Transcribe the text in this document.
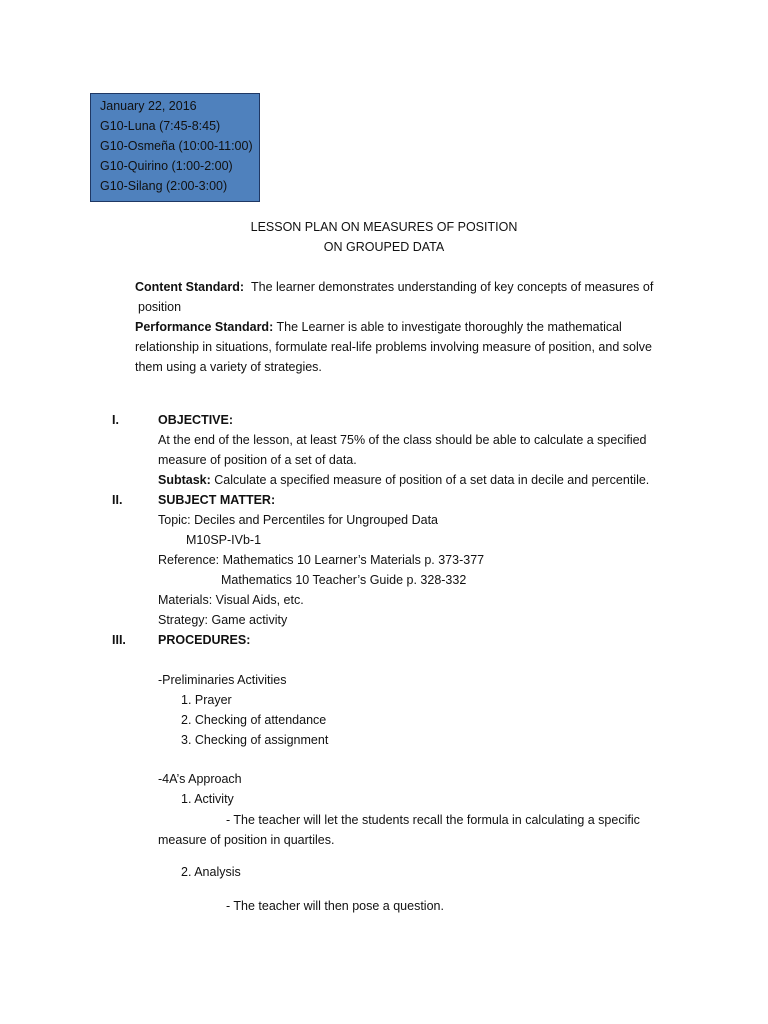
January 22, 2016
G10-Luna (7:45-8:45)
G10-Osmeña (10:00-11:00)
G10-Quirino (1:00-2:00)
G10-Silang (2:00-3:00)
LESSON PLAN ON MEASURES OF POSITION
ON GROUPED DATA
Content Standard: The learner demonstrates understanding of key concepts of measures of
position
Performance Standard: The Learner is able to investigate thoroughly the mathematical
relationship in situations, formulate real-life problems involving measure of position, and solve
them using a variety of strategies.
I.	OBJECTIVE:
At the end of the lesson, at least 75% of the class should be able to calculate a specified
measure of position of a set of data.
Subtask: Calculate a specified measure of position of a set data in decile and percentile.
II.	SUBJECT MATTER:
Topic: Deciles and Percentiles for Ungrouped Data
M10SP-IVb-1
Reference: Mathematics 10 Learner’s Materials p. 373-377
Mathematics 10 Teacher’s Guide p. 328-332
Materials: Visual Aids, etc.
Strategy: Game activity
III.	PROCEDURES:
-Preliminaries Activities
1. Prayer
2. Checking of attendance
3. Checking of assignment
-4A’s Approach
1. Activity
- The teacher will let the students recall the formula in calculating a specific
measure of position in quartiles.
2. Analysis
- The teacher will then pose a question.
